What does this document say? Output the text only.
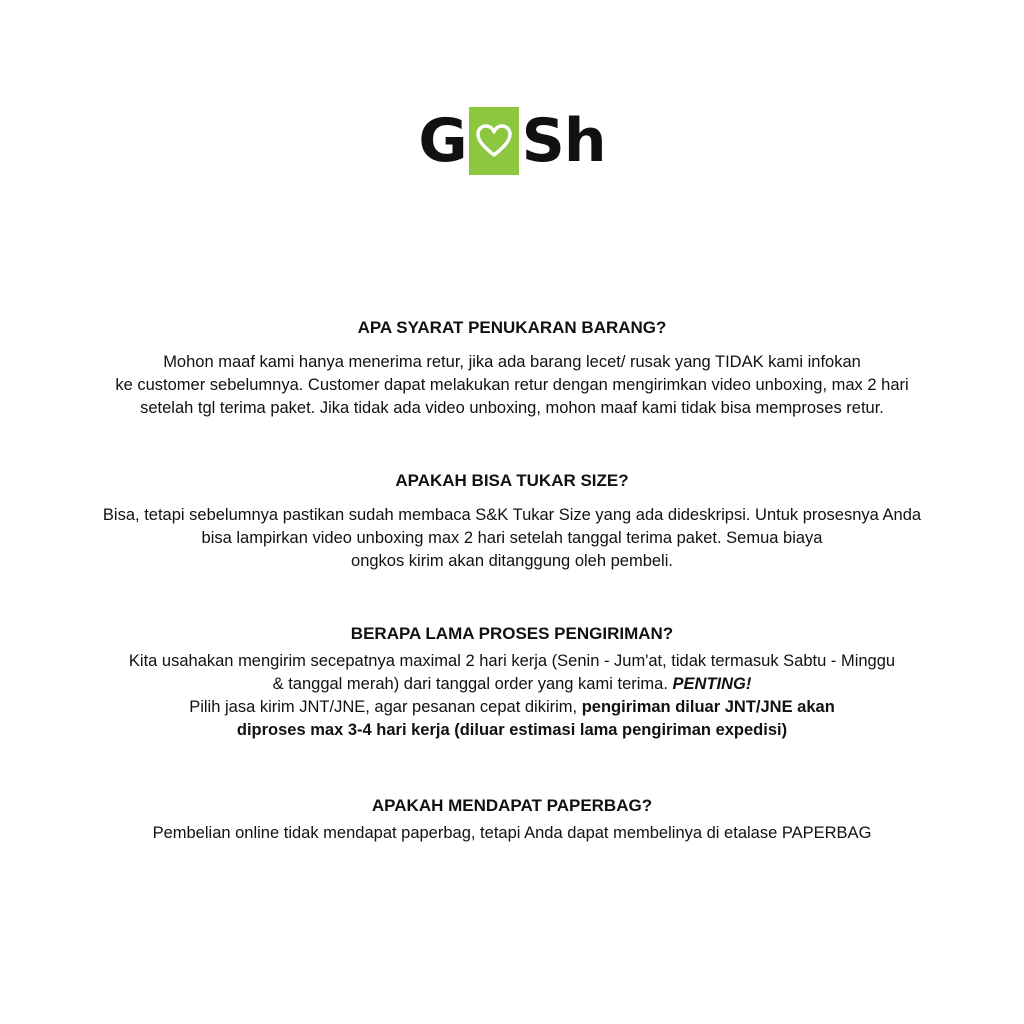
G Sh

APA SYARAT PENUKARAN BARANG?

Mohon maaf kami hanya menerima retur, jika ada barang lecet/ rusak yang TIDAK kami infokan
ke customer sebelumnya. Customer dapat melakukan retur dengan mengirimkan video unboxing, max 2 hari
setelah tgl terima paket. Jika tidak ada video unboxing, mohon maaf kami tidak bisa memproses retur.

APAKAH BISA TUKAR SIZE?

Bisa, tetapi sebelumnya pastikan sudah membaca S&K Tukar Size yang ada dideskripsi. Untuk prosesnya Anda
bisa lampirkan video unboxing max 2 hari setelah tanggal terima paket. Semua biaya
ongkos kirim akan ditanggung oleh pembeli.

BERAPA LAMA PROSES PENGIRIMAN?

Kita usahakan mengirim secepatnya maximal 2 hari kerja (Senin - Jum'at, tidak termasuk Sabtu - Minggu
& tanggal merah) dari tanggal order yang kami terima. PENTING!
Pilih jasa kirim JNT/JNE, agar pesanan cepat dikirim, pengiriman diluar JNT/JNE akan
diproses max 3-4 hari kerja (diluar estimasi lama pengiriman expedisi)

APAKAH MENDAPAT PAPERBAG?

Pembelian online tidak mendapat paperbag, tetapi Anda dapat membelinya di etalase PAPERBAG
